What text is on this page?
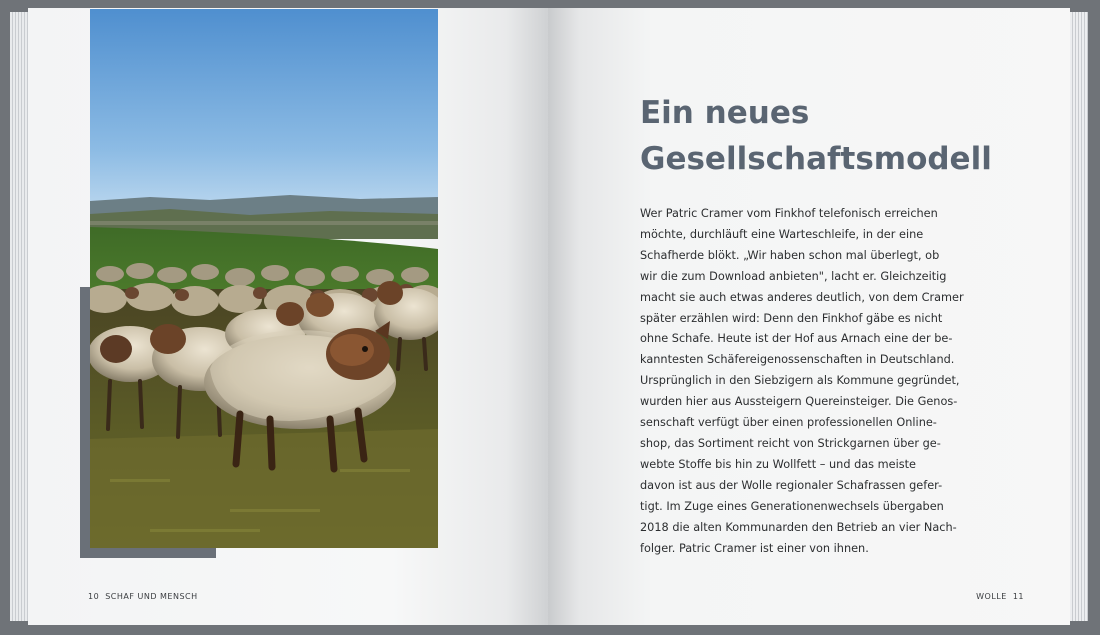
10 SCHAF UND MENSCH
Ein neues
Gesellschaftsmodell
Wer Patric Cramer vom Finkhof telefonisch erreichen
möchte, durchläuft eine Warteschleife, in der eine
Schafherde blökt. „Wir haben schon mal überlegt, ob
wir die zum Download anbieten", lacht er. Gleichzeitig
macht sie auch etwas anderes deutlich, von dem Cramer
später erzählen wird: Denn den Finkhof gäbe es nicht
ohne Schafe. Heute ist der Hof aus Arnach eine der be-
kanntesten Schäfereigenossenschaften in Deutschland.
Ursprünglich in den Siebzigern als Kommune gegründet,
wurden hier aus Aussteigern Quereinsteiger. Die Genos-
senschaft verfügt über einen professionellen Online-
shop, das Sortiment reicht von Strickgarnen über ge-
webte Stoffe bis hin zu Wollfett – und das meiste
davon ist aus der Wolle regionaler Schafrassen gefer-
tigt. Im Zuge eines Generationenwechsels übergaben
2018 die alten Kommunarden den Betrieb an vier Nach-
folger. Patric Cramer ist einer von ihnen.
WOLLE 11
